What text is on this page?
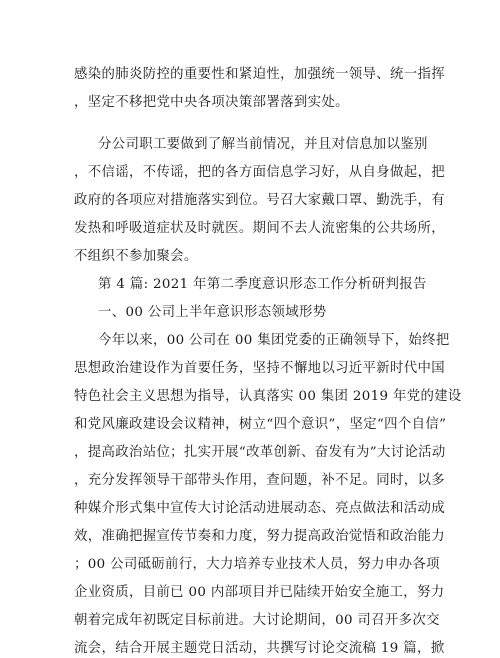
感染的肺炎防控的重要性和紧迫性，加强统一领导、统一指挥
，坚定不移把党中央各项决策部署落到实处。
分公司职工要做到了解当前情况，并且对信息加以鉴别
，不信谣，不传谣，把的各方面信息学习好，从自身做起，把
政府的各项应对措施落实到位。号召大家戴口罩、勤洗手，有
发热和呼吸道症状及时就医。期间不去人流密集的公共场所，
不组织不参加聚会。
第 4 篇: 2021 年第二季度意识形态工作分析研判报告
一、00 公司上半年意识形态领域形势
今年以来，00 公司在 00 集团党委的正确领导下，始终把
思想政治建设作为首要任务，坚持不懈地以习近平新时代中国
特色社会主义思想为指导，认真落实 00 集团 2019 年党的建设
和党风廉政建设会议精神，树立“四个意识”，坚定“四个自信”
，提高政治站位；扎实开展“改革创新、奋发有为”大讨论活动
，充分发挥领导干部带头作用，查问题，补不足。同时，以多
种媒介形式集中宣传大讨论活动进展动态、亮点做法和活动成
效，准确把握宣传节奏和力度，努力提高政治觉悟和政治能力
；00 公司砥砺前行，大力培养专业技术人员，努力申办各项
企业资质，目前已 00 内部项目并已陆续开始安全施工，努力
朝着完成年初既定目标前进。大讨论期间，00 司召开多次交
流会，结合开展主题党日活动，共撰写讨论交流稿 19 篇，掀
